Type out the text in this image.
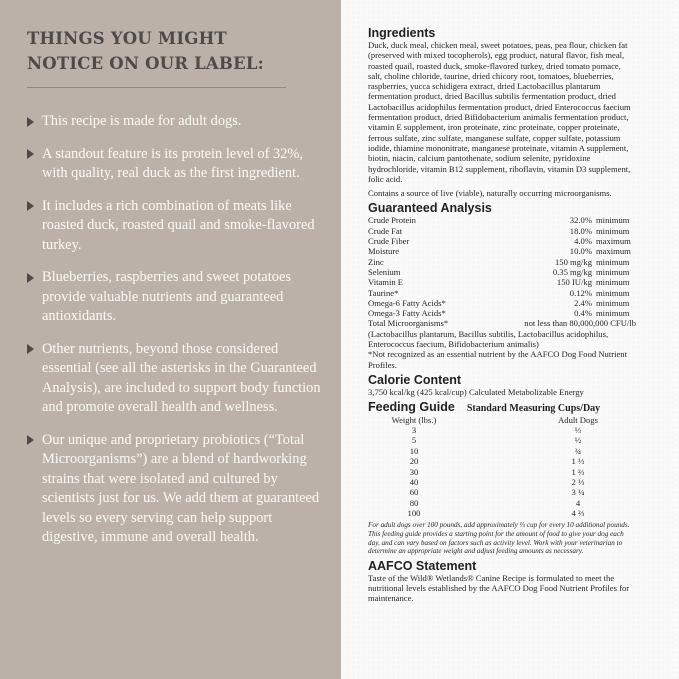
THINGS YOU MIGHT
NOTICE ON OUR LABEL:
This recipe is made for adult dogs.
A standout feature is its protein level of 32%, with quality, real duck as the first ingredient.
It includes a rich combination of meats like roasted duck, roasted quail and smoke-flavored turkey.
Blueberries, raspberries and sweet potatoes provide valuable nutrients and guaranteed antioxidants.
Other nutrients, beyond those considered essential (see all the asterisks in the Guaranteed Analysis), are included to support body function and promote overall health and wellness.
Our unique and proprietary probiotics (“Total Microorganisms”) are a blend of hardworking strains that were isolated and cultured by scientists just for us. We add them at guaranteed levels so every serving can help support digestive, immune and overall health.
Ingredients

Duck, duck meal, chicken meal, sweet potatoes, peas, pea flour, chicken fat (preserved with mixed tocopherols), egg product, natural flavor, fish meal, roasted quail, roasted duck, smoke-flavored turkey, dried tomato pomace, salt, choline chloride, taurine, dried chicory root, tomatoes, blueberries, raspberries, yucca schidigera extract, dried Lactobacillus plantarum fermentation product, dried Bacillus subtilis fermentation product, dried Lactobacillus acidophilus fermentation product, dried Enterococcus faecium fermentation product, dried Bifidobacterium animalis fermentation product, vitamin E supplement, iron proteinate, zinc proteinate, copper proteinate, ferrous sulfate, zinc sulfate, manganese sulfate, copper sulfate, potassium iodide, thiamine mononitrate, manganese proteinate, vitamin A supplement, biotin, niacin, calcium pantothenate, sodium selenite, pyridoxine hydrochloride, vitamin B12 supplement, riboflavin, vitamin D3 supplement, folic acid.

Contains a source of live (viable), naturally occurring microorganisms.

Guaranteed Analysis
Crude Protein	32.0% minimum
Crude Fat	18.0% minimum
Crude Fiber	4.0% maximum
Moisture	10.0% maximum
Zinc	150 mg/kg minimum
Selenium	0.35 mg/kg minimum
Vitamin E	150 IU/kg minimum
Taurine*	0.12% minimum
Omega-6 Fatty Acids*	2.4% minimum
Omega-3 Fatty Acids*	0.4% minimum
Total Microorganisms*	not less than 80,000,000 CFU/lb

(Lactobacillus plantarum, Bacillus subtilis, Lactobacillus acidophilus, Enterococcus faecium, Bifidobacterium animalis)

*Not recognized as an essential nutrient by the AAFCO Dog Food Nutrient Profiles.

Calorie Content

3,750 kcal/kg (425 kcal/cup) Calculated Metabolizable Energy

Feeding Guide Standard Measuring Cups/Day
Weight (lbs.)	Adult Dogs
3	⅓
5	½
10	¾
20	1 ⅓
30	1 ⅔
40	2 ⅓
60	3 ¼
80	4
100	4 ⅔

For adult dogs over 100 pounds, add approximately ⅓ cup for every 10 additional pounds. This feeding guide provides a starting point for the amount of food to give your dog each day, and can vary based on factors such as activity level. Work with your veterinarian to determine an appropriate weight and adjust feeding amounts as necessary.

AAFCO Statement

Taste of the Wild® Wetlands® Canine Recipe is formulated to meet the nutritional levels established by the AAFCO Dog Food Nutrient Profiles for maintenance.
